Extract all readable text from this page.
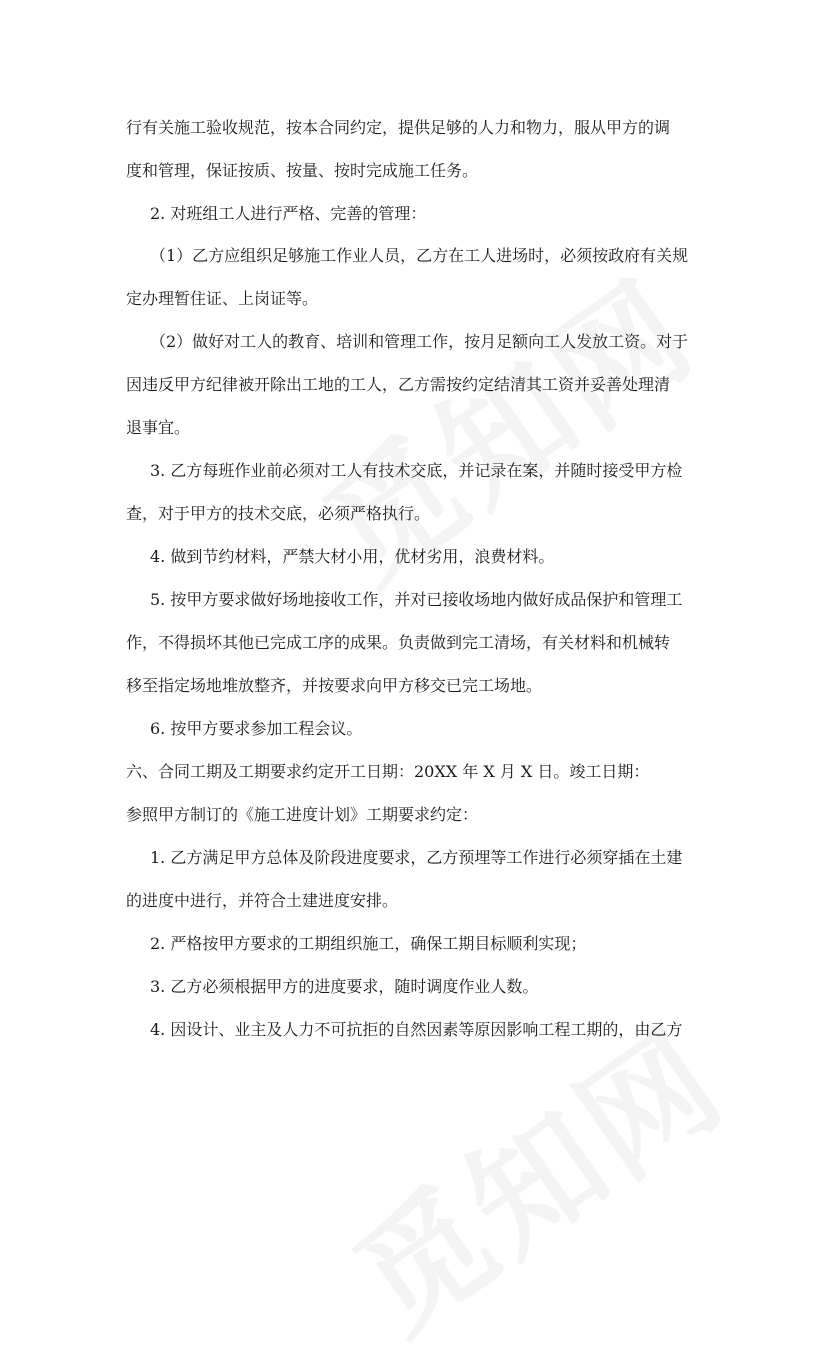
行有关施工验收规范，按本合同约定，提供足够的人力和物力，服从甲方的调
度和管理，保证按质、按量、按时完成施工任务。
2. 对班组工人进行严格、完善的管理：
（1）乙方应组织足够施工作业人员，乙方在工人进场时，必须按政府有关规
定办理暂住证、上岗证等。
（2）做好对工人的教育、培训和管理工作，按月足额向工人发放工资。对于
因违反甲方纪律被开除出工地的工人，乙方需按约定结清其工资并妥善处理清
退事宜。
3. 乙方每班作业前必须对工人有技术交底，并记录在案，并随时接受甲方检
查，对于甲方的技术交底，必须严格执行。
4. 做到节约材料，严禁大材小用，优材劣用，浪费材料。
5. 按甲方要求做好场地接收工作，并对已接收场地内做好成品保护和管理工
作，不得损坏其他已完成工序的成果。负责做到完工清场，有关材料和机械转
移至指定场地堆放整齐，并按要求向甲方移交已完工场地。
6. 按甲方要求参加工程会议。
六、合同工期及工期要求约定开工日期：20XX 年 X 月 X 日。竣工日期：
参照甲方制订的《施工进度计划》工期要求约定：
1. 乙方满足甲方总体及阶段进度要求，乙方预埋等工作进行必须穿插在土建
的进度中进行，并符合土建进度安排。
2. 严格按甲方要求的工期组织施工，确保工期目标顺利实现；
3. 乙方必须根据甲方的进度要求，随时调度作业人数。
4. 因设计、业主及人力不可抗拒的自然因素等原因影响工程工期的，由乙方
